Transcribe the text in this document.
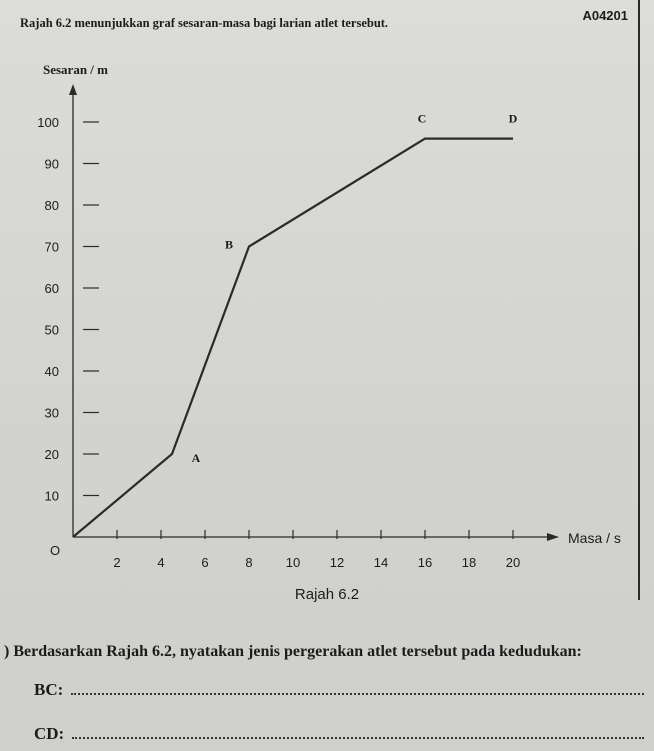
A04201
Rajah 6.2 menunjukkan graf sesaran-masa bagi larian atlet tersebut.
10
20
30
40
50
60
70
80
90
100
2	4	6	8	10 12 14 16 18 20
O
Sesaran / m
Masa / s
A
B
C	D
Rajah 6.2
) Berdasarkan Rajah 6.2, nyatakan jenis pergerakan atlet tersebut pada kedudukan:
BC:
CD:
